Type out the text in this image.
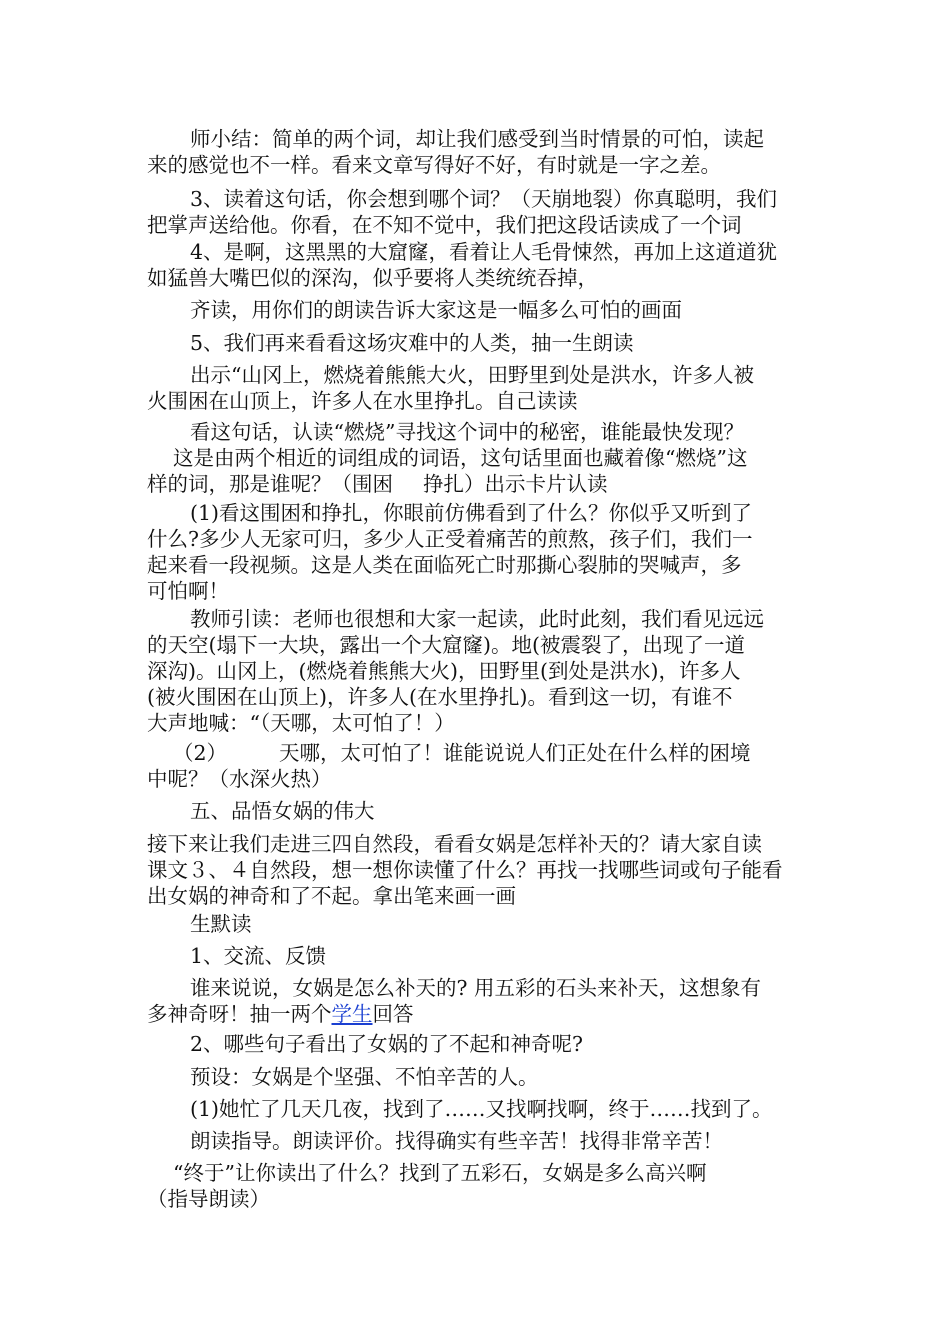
师小结：简单的两个词，却让我们感受到当时情景的可怕，读起
来的感觉也不一样。看来文章写得好不好，有时就是一字之差。

3、读着这句话，你会想到哪个词？（天崩地裂）你真聪明，我们
把掌声送给他。你看，在不知不觉中，我们把这段话读成了一个词

4、是啊，这黑黑的大窟窿，看着让人毛骨悚然，再加上这道道犹
如猛兽大嘴巴似的深沟，似乎要将人类统统吞掉，

齐读，用你们的朗读告诉大家这是一幅多么可怕的画面

5、我们再来看看这场灾难中的人类，抽一生朗读

出示“山冈上，燃烧着熊熊大火，田野里到处是洪水，许多人被
火围困在山顶上，许多人在水里挣扎。自己读读

看这句话，认读“燃烧”寻找这个词中的秘密，谁能最快发现？
这是由两个相近的词组成的词语，这句话里面也藏着像“燃烧”这
样的词，那是谁呢？（围困 挣扎）出示卡片认读

(1)看这围困和挣扎，你眼前仿佛看到了什么？你似乎又听到了
什么?多少人无家可归，多少人正受着痛苦的煎熬，孩子们，我们一
起来看一段视频。这是人类在面临死亡时那撕心裂肺的哭喊声，多
可怕啊！

教师引读：老师也很想和大家一起读，此时此刻，我们看见远远
的天空(塌下一大块，露出一个大窟窿)。地(被震裂了，出现了一道
深沟)。山冈上，(燃烧着熊熊大火)，田野里(到处是洪水)，许多人
(被火围困在山顶上)，许多人(在水里挣扎)。看到这一切，有谁不
大声地喊：“（天哪，太可怕了！）

（2）	天哪，太可怕了！谁能说说人们正处在什么样的困境
中呢？（水深火热）

五、品悟女娲的伟大

接下来让我们走进三四自然段，看看女娲是怎样补天的？请大家自读
课文３、４自然段，想一想你读懂了什么？再找一找哪些词或句子能看
出女娲的神奇和了不起。拿出笔来画一画

生默读

1、交流、反馈

谁来说说，女娲是怎么补天的? 用五彩的石头来补天，这想象有
多神奇呀！抽一两个学生回答

2、哪些句子看出了女娲的了不起和神奇呢?

预设：女娲是个坚强、不怕辛苦的人。

(1)她忙了几天几夜，找到了……又找啊找啊，终于……找到了。

朗读指导。朗读评价。找得确实有些辛苦！找得非常辛苦！

“终于”让你读出了什么？找到了五彩石，女娲是多么高兴啊
（指导朗读）
